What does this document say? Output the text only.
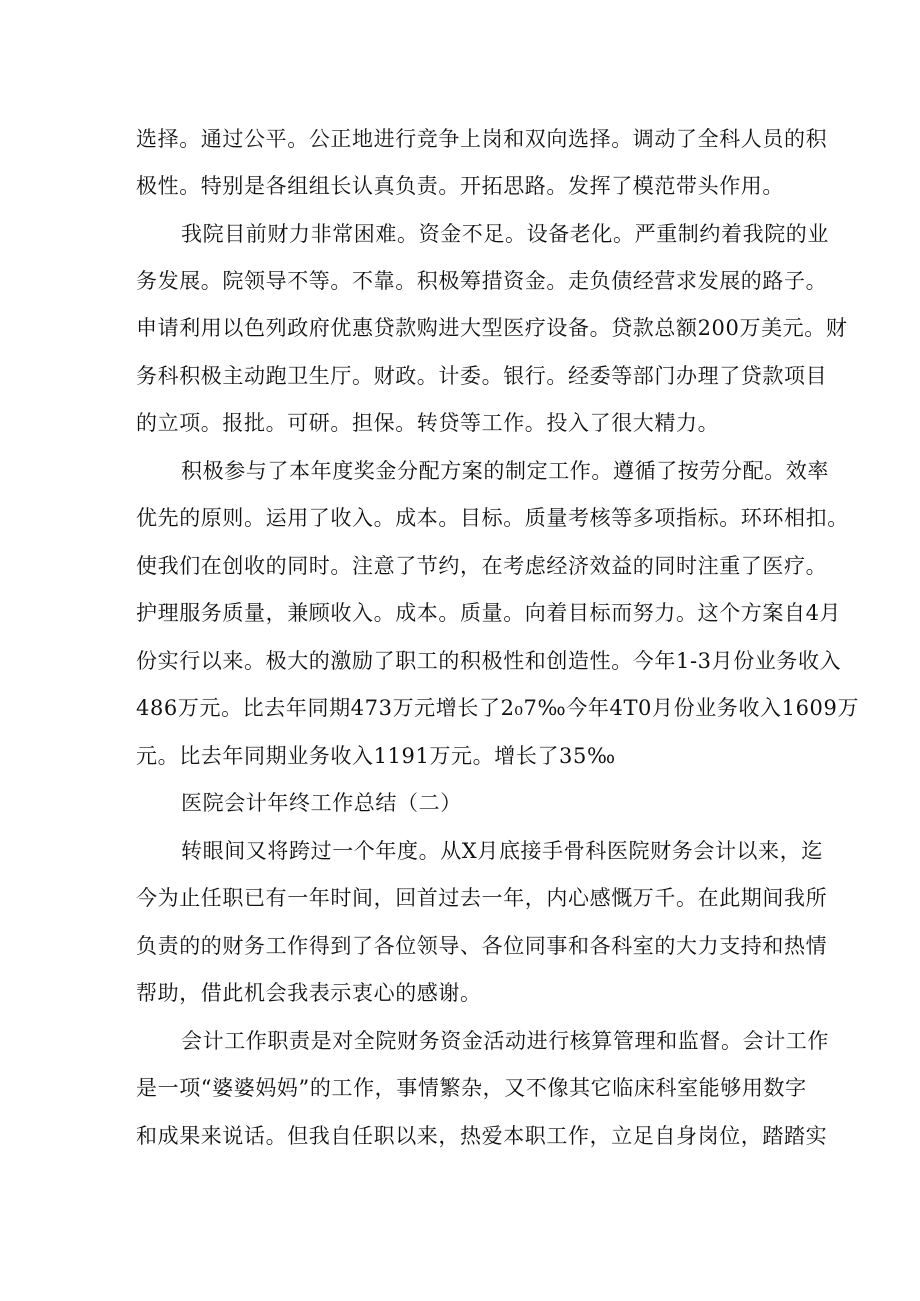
选择。通过公平。公正地进行竞争上岗和双向选择。调动了全科人员的积
极性。特别是各组组长认真负责。开拓思路。发挥了模范带头作用。
我院目前财力非常困难。资金不足。设备老化。严重制约着我院的业
务发展。院领导不等。不靠。积极筹措资金。走负债经营求发展的路子。
申请利用以色列政府优惠贷款购进大型医疗设备。贷款总额200万美元。财
务科积极主动跑卫生厅。财政。计委。银行。经委等部门办理了贷款项目
的立项。报批。可研。担保。转贷等工作。投入了很大精力。
积极参与了本年度奖金分配方案的制定工作。遵循了按劳分配。效率
优先的原则。运用了收入。成本。目标。质量考核等多项指标。环环相扣。
使我们在创收的同时。注意了节约，在考虑经济效益的同时注重了医疗。
护理服务质量，兼顾收入。成本。质量。向着目标而努力。这个方案自4月
份实行以来。极大的激励了职工的积极性和创造性。今年1-3月份业务收入
486万元。比去年同期473万元增长了2₀7‰今年4T0月份业务收入1609万
元。比去年同期业务收入1191万元。增长了35‰
医院会计年终工作总结（二）
转眼间又将跨过一个年度。从X月底接手骨科医院财务会计以来，迄
今为止任职已有一年时间，回首过去一年，内心感慨万千。在此期间我所
负责的的财务工作得到了各位领导、各位同事和各科室的大力支持和热情
帮助，借此机会我表示衷心的感谢。
会计工作职责是对全院财务资金活动进行核算管理和监督。会计工作
是一项“婆婆妈妈”的工作，事情繁杂，又不像其它临床科室能够用数字
和成果来说话。但我自任职以来，热爱本职工作，立足自身岗位，踏踏实
